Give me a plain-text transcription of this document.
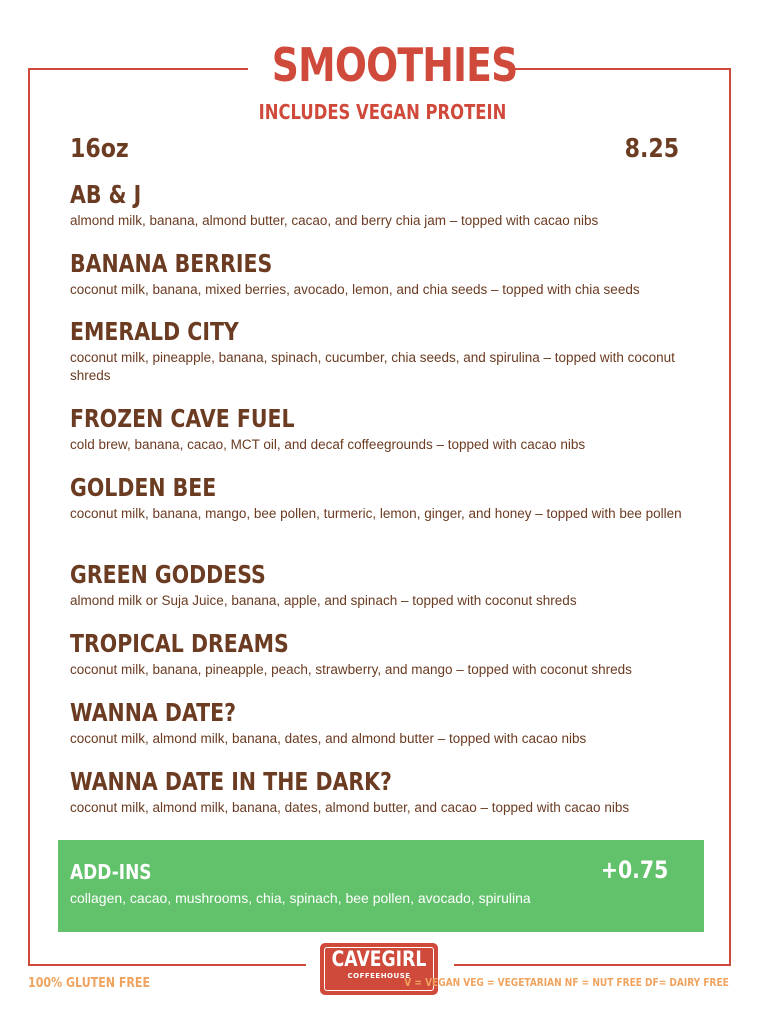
SMOOTHIES
INCLUDES VEGAN PROTEIN
16oz	8.25
AB & J
almond milk, banana, almond butter, cacao, and berry chia jam – topped with cacao nibs
BANANA BERRIES
coconut milk, banana, mixed berries, avocado, lemon, and chia seeds – topped with chia seeds
EMERALD CITY
coconut milk, pineapple, banana, spinach, cucumber, chia seeds, and spirulina – topped with coconut shreds
FROZEN CAVE FUEL
cold brew, banana, cacao, MCT oil, and decaf coffeegrounds – topped with cacao nibs
GOLDEN BEE
coconut milk, banana, mango, bee pollen, turmeric, lemon, ginger, and honey – topped with bee pollen
GREEN GODDESS
almond milk or Suja Juice, banana, apple, and spinach – topped with coconut shreds
TROPICAL DREAMS
coconut milk, banana, pineapple, peach, strawberry, and mango – topped with coconut shreds
WANNA DATE?
coconut milk, almond milk, banana, dates, and almond butter – topped with cacao nibs
WANNA DATE IN THE DARK?
coconut milk, almond milk, banana, dates, almond butter, and cacao – topped with cacao nibs
ADD-INS	+0.75
collagen, cacao, mushrooms, chia, spinach, bee pollen, avocado, spirulina
CAVEGIRL
COFFEEHOUSE
100% GLUTEN FREE	V = VEGAN VEG = VEGETARIAN NF = NUT FREE DF= DAIRY FREE
